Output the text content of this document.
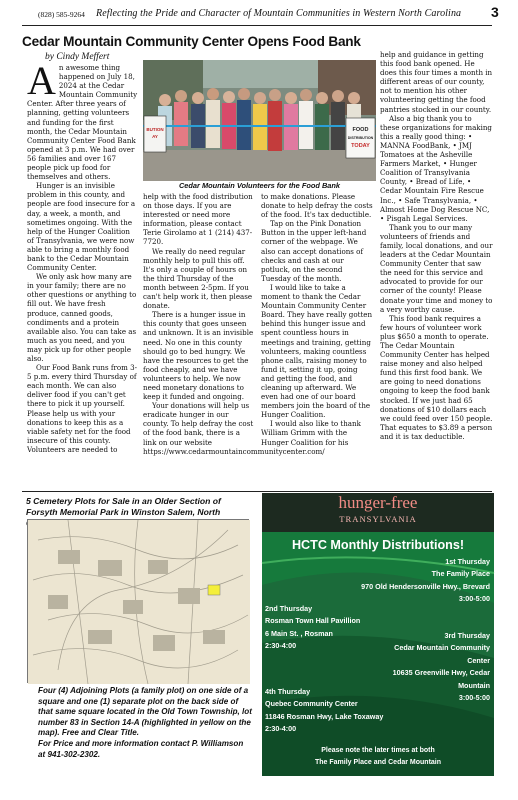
(828) 585-9264 Reflecting the Pride and Character of Mountain Communities in Western North Carolina 3
Cedar Mountain Community Center Opens Food Bank
by Cindy Meffert

An awesome thing happened on July 18, 2024 at the Cedar Mountain Community Center. After three years of planning, getting volunteers and funding for the first month, the Cedar Mountain Community Center Food Bank opened at 3 p.m. We had over 56 families and over 167 people pick up food for themselves and others.

Hunger is an invisible problem in this county, and people are food insecure for a day, a week, a month, and sometimes ongoing. With the help of the Hunger Coalition of Transylvania, we were now able to bring a monthly food bank to the Cedar Mountain Community Center.

We only ask how many are in your family; there are no other questions or anything to fill out. We have fresh produce, canned goods, condiments and a protein available also. You can take as much as you need, and you may pick up for other people also.

Our Food Bank runs from 3-5 p.m. every third Thursday of each month. We can also deliver food if you can't get there to pick it up yourself. Please help us with your donations to keep this as a viable safety net for the food insecure of this county. Volunteers are needed to

BUTION AY
FOOD
DISTRIBUTION
TODAY
Cedar Mountain Volunteers for the Food Bank

help with the food distribution on those days. If you are interested or need more information, please contact Terie Girolamo at 1 (214) 437-7720.

We really do need regular monthly help to pull this off. It's only a couple of hours on the third Thursday of the month between 2-5pm. If you can't help work it, then please donate.

There is a hunger issue in this county that goes unseen and unknown. It is an invisible need. No one in this county should go to bed hungry. We have the resources to get the food cheaply, and we have volunteers to help. We now need monetary donations to keep it funded and ongoing.

Your donations will help us eradicate hunger in our county. To help defray the cost of the food bank, there is a link on our website https://www.cedarmountaincommunitycenter.com/

to make donations. Please donate to help defray the costs of the food. It's tax deductible.

Tap on the Pink Donation Button in the upper left-hand corner of the webpage. We also can accept donations of checks and cash at our potluck, on the second Tuesday of the month.

I would like to take a moment to thank the Cedar Mountain Community Center Board. They have really gotten behind this hunger issue and spent countless hours in meetings and training, getting volunteers, making countless phone calls, raising money to fund it, setting it up, going and getting the food, and cleaning up afterward. We even had one of our board members join the board of the Hunger Coalition.

I would also like to thank William Grimm with the Hunger Coalition for his

help and guidance in getting this food bank opened. He does this four times a month in different areas of our county, not to mention his other volunteering getting the food pantries stocked in our county.

Also a big thank you to these organizations for making this a really good thing: • MANNA FoodBank, • JMJ Tomatoes at the Asheville Farmers Market, • Hunger Coalition of Transylvania County, • Bread of Life, • Cedar Mountain Fire Rescue Inc., • Safe Transylvania, • Almost Home Dog Rescue NC, • Pisgah Legal Services.

Thank you to our many volunteers of friends and family, local donations, and our leaders at the Cedar Mountain Community Center that saw the need for this service and advocated to provide for our corner of the county! Please donate your time and money to a very worthy cause.

This food bank requires a few hours of volunteer work plus $650 a month to operate. The Cedar Mountain Community Center has helped raise money and also helped fund this first food bank. We are going to need donations ongoing to keep the food bank stocked. If we just had 65 donations of $10 dollars each we could feed over 150 people. That equates to $3.89 a person and it is tax deductible.

5 Cemetery Plots for Sale in an Older Section of
Forsyth Memorial Park in Winston Salem, North

Four (4) Adjoining Plots (a family plot) on one side of a square and one (1) separate plot on the back side of that same square located in the Old Town Township, lot number 83 in Section 14-A (highlighted in yellow on the map). Free and Clear Title.

For Price and more information contact P. Williamson at 941-302-2302.

hunger-free
TRANSYLVANIA
HCTC Monthly Distributions!
1st Thursday
The Family Place
970 Old Hendersonville Hwy., Brevard
3:00-5:00
2nd Thursday
Rosman Town Hall Pavillion
6 Main St. , Rosman
2:30-4:00
3rd Thursday
Cedar Mountain Community Center
10635 Greenville Hwy, Cedar Mountain
3:00-5:00
4th Thursday
Quebec Community Center
11846 Rosman Hwy, Lake Toxaway
2:30-4:00
Please note the later times at both
The Family Place and Cedar Mountain
